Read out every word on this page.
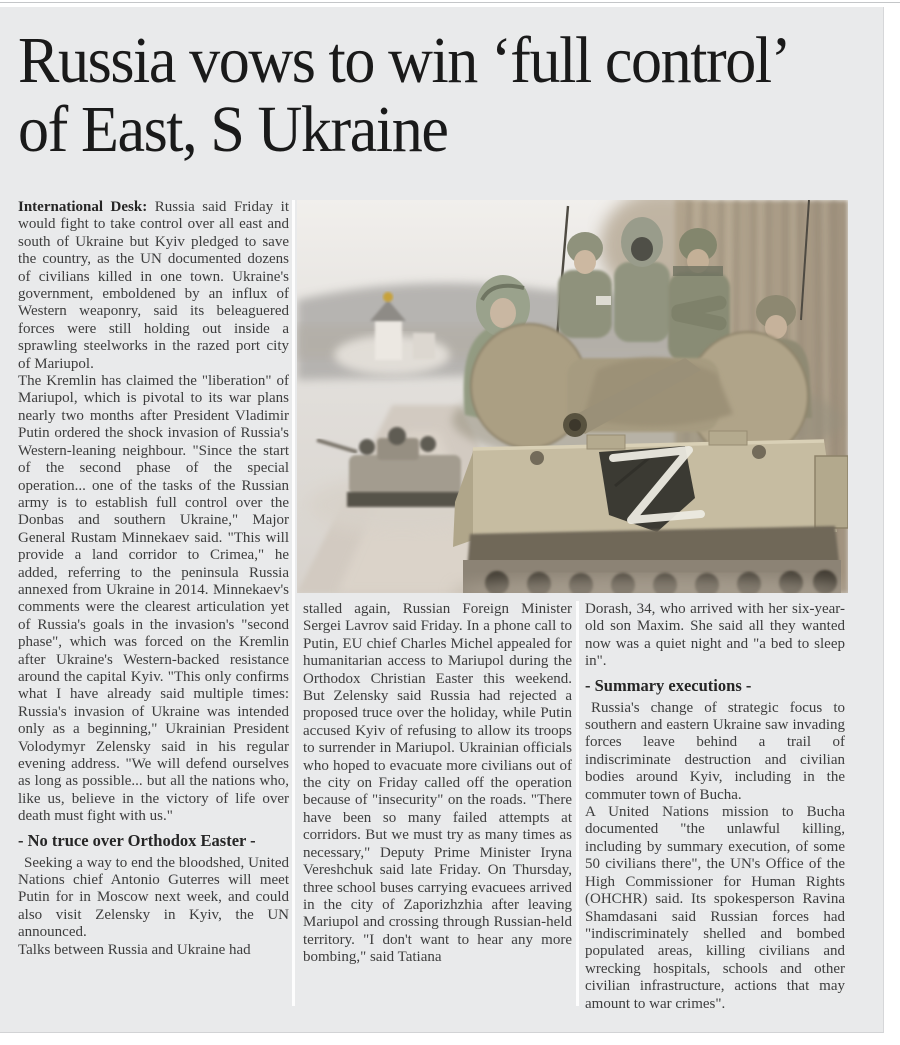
Russia vows to win ‘full control’ of East, S Ukraine

International Desk: Russia said Friday it would fight to take control over all east and south of Ukraine but Kyiv pledged to save the country, as the UN documented dozens of civilians killed in one town. Ukraine's government, emboldened by an influx of Western weaponry, said its beleaguered forces were still holding out inside a sprawling steelworks in the razed port city of Mariupol.

The Kremlin has claimed the "liberation" of Mariupol, which is pivotal to its war plans nearly two months after President Vladimir Putin ordered the shock invasion of Russia's Western-leaning neighbour. "Since the start of the second phase of the special operation... one of the tasks of the Russian army is to establish full control over the Donbas and southern Ukraine," Major General Rustam Minnekaev said. "This will provide a land corridor to Crimea," he added, referring to the peninsula Russia annexed from Ukraine in 2014. Minnekaev's comments were the clearest articulation yet of Russia's goals in the invasion's "second phase", which was forced on the Kremlin after Ukraine's Western-backed resistance around the capital Kyiv. "This only confirms what I have already said multiple times: Russia's invasion of Ukraine was intended only as a beginning," Ukrainian President Volodymyr Zelensky said in his regular evening address. "We will defend ourselves as long as possible... but all the nations who, like us, believe in the victory of life over death must fight with us."

- No truce over Orthodox Easter -

Seeking a way to end the bloodshed, United Nations chief Antonio Guterres will meet Putin for in Moscow next week, and could also visit Zelensky in Kyiv, the UN announced.

Talks between Russia and Ukraine had

stalled again, Russian Foreign Minister Sergei Lavrov said Friday. In a phone call to Putin, EU chief Charles Michel appealed for humanitarian access to Mariupol during the Orthodox Christian Easter this weekend. But Zelensky said Russia had rejected a proposed truce over the holiday, while Putin accused Kyiv of refusing to allow its troops to surrender in Mariupol. Ukrainian officials who hoped to evacuate more civilians out of the city on Friday called off the operation because of "insecurity" on the roads. "There have been so many failed attempts at corridors. But we must try as many times as necessary," Deputy Prime Minister Iryna Vereshchuk said late Friday. On Thursday, three school buses carrying evacuees arrived in the city of Zaporizhzhia after leaving Mariupol and crossing through Russian-held territory. "I don't want to hear any more bombing," said Tatiana

Dorash, 34, who arrived with her six-year-old son Maxim. She said all they wanted now was a quiet night and "a bed to sleep in".

- Summary executions -

Russia's change of strategic focus to southern and eastern Ukraine saw invading forces leave behind a trail of indiscriminate destruction and civilian bodies around Kyiv, including in the commuter town of Bucha.

A United Nations mission to Bucha documented "the unlawful killing, including by summary execution, of some 50 civilians there", the UN's Office of the High Commissioner for Human Rights (OHCHR) said. Its spokesperson Ravina Shamdasani said Russian forces had "indiscriminately shelled and bombed populated areas, killing civilians and wrecking hospitals, schools and other civilian infrastructure, actions that may amount to war crimes".
